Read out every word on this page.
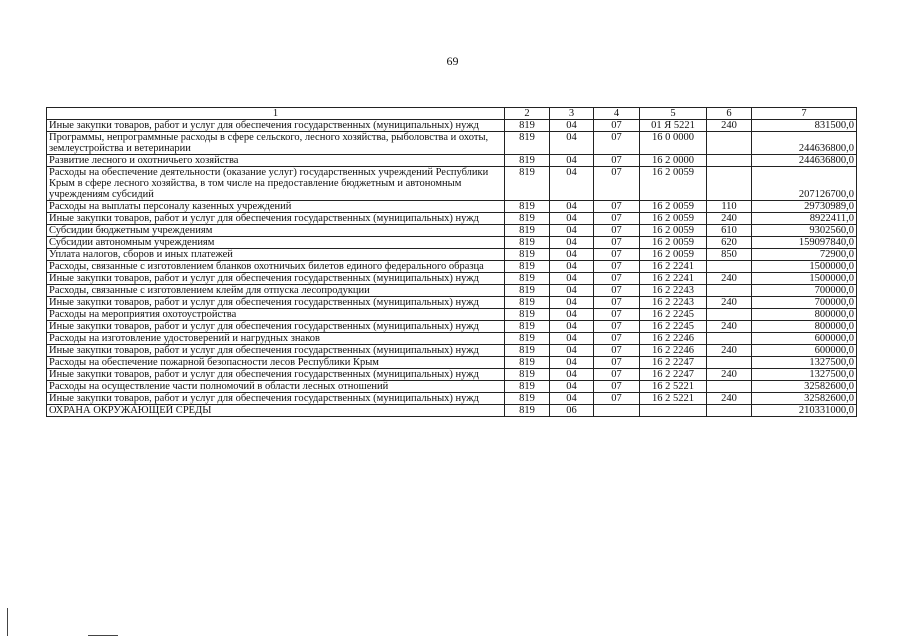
69
1	2	3	4	5	6	7
Иные закупки товаров, работ и услуг для обеспечения государственных (муниципальных) нужд	819	04	07	01 Я 5221	240	831500,0
Программы, непрограммные расходы в сфере сельского, лесного хозяйства, рыболовства и охоты, землеустройства и ветеринарии	819	04	07	16 0 0000		244636800,0
Развитие лесного и охотничьего хозяйства	819	04	07	16 2 0000		244636800,0
Расходы на обеспечение деятельности (оказание услуг) государственных учреждений Республики Крым в сфере лесного хозяйства, в том числе на предоставление бюджетным и автономным учреждениям субсидий	819	04	07	16 2 0059		207126700,0
Расходы на выплаты персоналу казенных учреждений	819	04	07	16 2 0059	110	29730989,0
Иные закупки товаров, работ и услуг для обеспечения государственных (муниципальных) нужд	819	04	07	16 2 0059	240	8922411,0
Субсидии бюджетным учреждениям	819	04	07	16 2 0059	610	9302560,0
Субсидии автономным учреждениям	819	04	07	16 2 0059	620	159097840,0
Уплата налогов, сборов и иных платежей	819	04	07	16 2 0059	850	72900,0
Расходы, связанные с изготовлением бланков охотничьих билетов единого федерального образца	819	04	07	16 2 2241		1500000,0
Иные закупки товаров, работ и услуг для обеспечения государственных (муниципальных) нужд	819	04	07	16 2 2241	240	1500000,0
Расходы, связанные с изготовлением клейм для отпуска лесопродукции	819	04	07	16 2 2243		700000,0
Иные закупки товаров, работ и услуг для обеспечения государственных (муниципальных) нужд	819	04	07	16 2 2243	240	700000,0
Расходы на мероприятия охотоустройства	819	04	07	16 2 2245		800000,0
Иные закупки товаров, работ и услуг для обеспечения государственных (муниципальных) нужд	819	04	07	16 2 2245	240	800000,0
Расходы на изготовление удостоверений и нагрудных знаков	819	04	07	16 2 2246		600000,0
Иные закупки товаров, работ и услуг для обеспечения государственных (муниципальных) нужд	819	04	07	16 2 2246	240	600000,0
Расходы на обеспечение пожарной безопасности лесов Республики Крым	819	04	07	16 2 2247		1327500,0
Иные закупки товаров, работ и услуг для обеспечения государственных (муниципальных) нужд	819	04	07	16 2 2247	240	1327500,0
Расходы на осуществление части полномочий в области лесных отношений	819	04	07	16 2 5221		32582600,0
Иные закупки товаров, работ и услуг для обеспечения государственных (муниципальных) нужд	819	04	07	16 2 5221	240	32582600,0
ОХРАНА ОКРУЖАЮЩЕЙ СРЕДЫ	819	06				210331000,0
